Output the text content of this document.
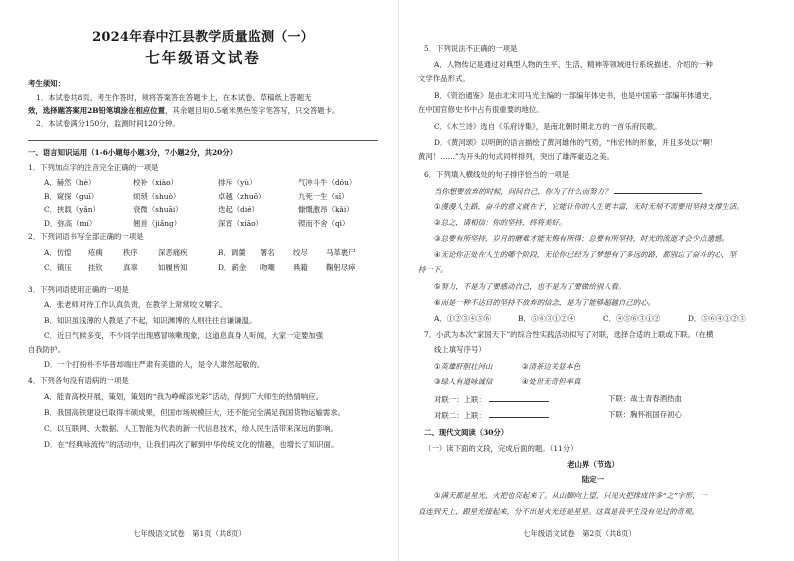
2024年春中江县教学质量监测（一）
七年级语文试卷
考生须知：
1．本试卷共8页、考生作答时，须将答案答在答题卡上，在本试卷、草稿纸上答题无
效，选择题答案用2B铅笔填涂在相应位置，其余题目用0.5毫米黑色签字笔答写，只交答题卡。
2．本试卷满分150分，监测时间120分钟。
一、语言知识运用（1-6小题每小题3分，7小题2分，共20分）
1．下列加点字的注音完全正确的一项是
A．赫然（hè）	校补（xiào）	排斥（yù）	气冲斗牛（dǒu）
B．窥探（guī）	烦琐（shuò）	卓越（zhuō）	九死一生（sǐ）
C．挟载（yǎn）	衰微（shuāi）	迭起（dié）	慷慨激昂（kǎi）
D．弥高（mí）	翘首（jiǎng）	深宵（xiāo）	锲而不舍（qì）
2．下列词语书写全部正确的一项是
A．仿惶 疮痍	秩序	深恶痛疾	B．调羹 署名 绞尽 马革裹尸
C．镇压 挂钦	真辜	如履皆知	D．薪金 吻嘲 典籍 鞠躬尽瘁
3．下列词语使用正确的一项是
A．张老师对待工作认真负责，在教学上常常咬文嚼字。
B．知识虽浅薄的人教是了不起，知识渊博的人则往往自谦谦温。
C．近日气候多变，不少同学出现感冒咳嗽现象，这道息真身人听闻，大家一定要加强
自我防护。
D．一个打扮朴不华普却端庄严肃有美德的人，是令人肃然起敬的。
4．下列各句没有语病的一项是
A．能青高校开展，策划，策划的“我为峥嵘添光彩”活动，得到广大师生的热情响应。
B．我国高铁建设已取得丰硕成果，但国市场规模巨大，还不能完全满足我国货物运输需求。
C．以互联网、大数据、人工智能为代表的新一代信息技术，给人民生活带来深远的影响。
D．在“经典咏流传”的活动中，让我们再次了解到中华传统文化的情趣，也增长了知识面。
七年级语文试卷　第1页（共8页）
5．下列说法不正确的一项是
A．人物传记是通过对典型人物的生平、生活、精神等领域进行系统描述、介绍的一种
文学作品形式。
B．《资治通鉴》是由北宋司马光主编的一部编年体史书，也是中国第一部编年体通史，
在中国官修史书中占有很重要的地位。
C．《木兰诗》选自《乐府诗集》，是南北朝时期北方的一首乐府民歌。
D．《黄河颂》以明朗的语言描绘了黄河雄伟的气势，“伟宏伟的形象，并且多处以“啊！
黄河！……”为开头的句式同样排列，突出了雄浑豪迈之美。
6．下列填入横线处的句子排序恰当的一项是
当你想要放弃的时候，问问自己，你为了什么而努力？
①漫漫人生路，奋斗的意义就在于，它能让你的人生更丰富，无时无刻不需要用坚持支撑生活。
②总之，请相信：你的坚持，终将美好。
③总要有所坚持，岁月的磨难才能无悔有所得；总要有所坚持，时光的流逝才会少点遗憾。
④无论你正处在人生的哪个阶段，无论你已经为了梦想有了多远的路，都别忘了奋斗的心，坚
持一下。
⑤努力，不是为了要感动自己，也不是为了要做给别人看。
⑥而是一种不达目的坚持不放弃的信念，是为了能够超越自己的心。
A．①②③④⑤⑥	B．⑤⑥③①②④	C．④⑤⑥③①②	D．⑤⑥④①②③
7．小武为本次“家国天下”的综合性实践活动拟写了对联，选择合适的上联或下联。（在横
线上填写序号）
①英雄肝胆壮河山	②清茶边关显本色
③绿人有道咏诚信	④处世无奇但率真
对联一：上联：	下联：战士青春酒热血
对联二：上联：	下联：胸怀祖国存初心
二、现代文阅读（30分）
（一）读下面的文段，完成后面的题。（11分）
老山界（节选）
陆定一
①满天都是星光，火把也亮起来了。从山脚向上望，只见火把排成许多“之”字形，一
直连到天上，跟星光接起来，分不出是火光还是星星。这真是我平生没有见过的奇观。
七年级语文试卷　第2页（共8页）
